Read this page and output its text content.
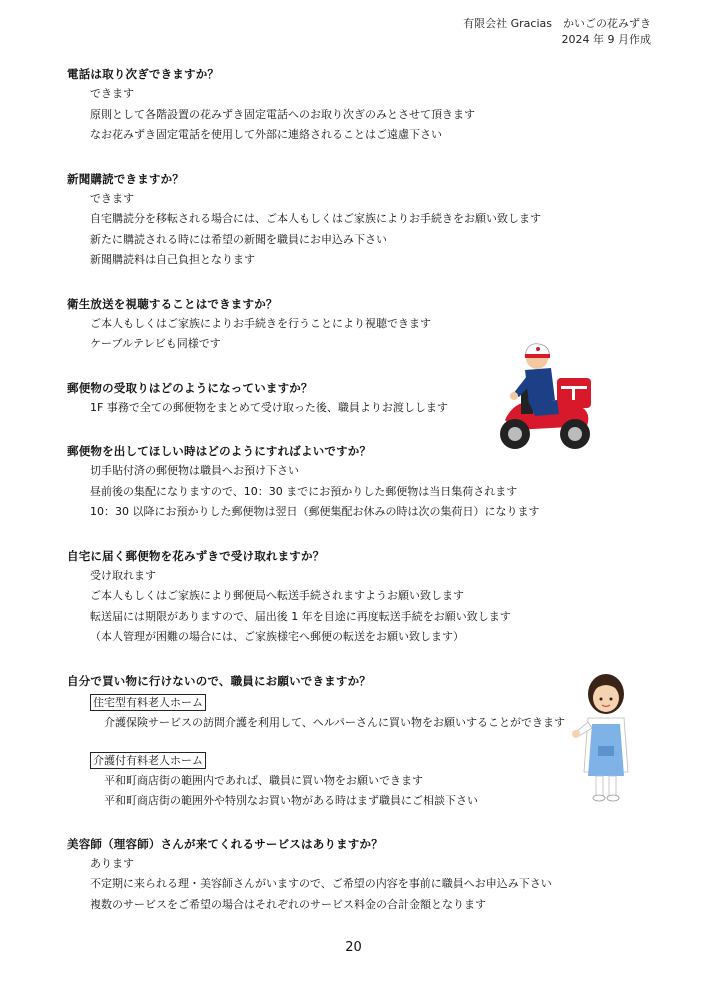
有限会社 Gracias　かいごの花みずき
2024 年 9 月作成
電話は取り次ぎできますか？
できます
原則として各階設置の花みずき固定電話へのお取り次ぎのみとさせて頂きます
なお花みずき固定電話を使用して外部に連絡されることはご遠慮下さい
新聞購読できますか？
できます
自宅購読分を移転される場合には、ご本人もしくはご家族によりお手続きをお願い致します
新たに購読される時には希望の新聞を職員にお申込み下さい
新聞購読料は自己負担となります
衛生放送を視聴することはできますか？
ご本人もしくはご家族によりお手続きを行うことにより視聴できます
ケーブルテレビも同様です
郵便物の受取りはどのようになっていますか？
1F 事務で全ての郵便物をまとめて受け取った後、職員よりお渡しします
郵便物を出してほしい時はどのようにすればよいですか？
切手貼付済の郵便物は職員へお預け下さい
昼前後の集配になりますので、10：30 までにお預かりした郵便物は当日集荷されます
10：30 以降にお預かりした郵便物は翌日（郵便集配お休みの時は次の集荷日）になります
自宅に届く郵便物を花みずきで受け取れますか？
受け取れます
ご本人もしくはご家族により郵便局へ転送手続されますようお願い致します
転送届には期限がありますので、届出後 1 年を目途に再度転送手続をお願い致します
（本人管理が困難の場合には、ご家族様宅へ郵便の転送をお願い致します）
自分で買い物に行けないので、職員にお願いできますか？
住宅型有料老人ホーム
介護保険サービスの訪問介護を利用して、ヘルパーさんに買い物をお願いすることができます
介護付有料老人ホーム
平和町商店街の範囲内であれば、職員に買い物をお願いできます
平和町商店街の範囲外や特別なお買い物がある時はまず職員にご相談下さい
美容師（理容師）さんが来てくれるサービスはありますか？
あります
不定期に来られる理・美容師さんがいますので、ご希望の内容を事前に職員へお申込み下さい
複数のサービスをご希望の場合はそれぞれのサービス料金の合計金額となります
20
